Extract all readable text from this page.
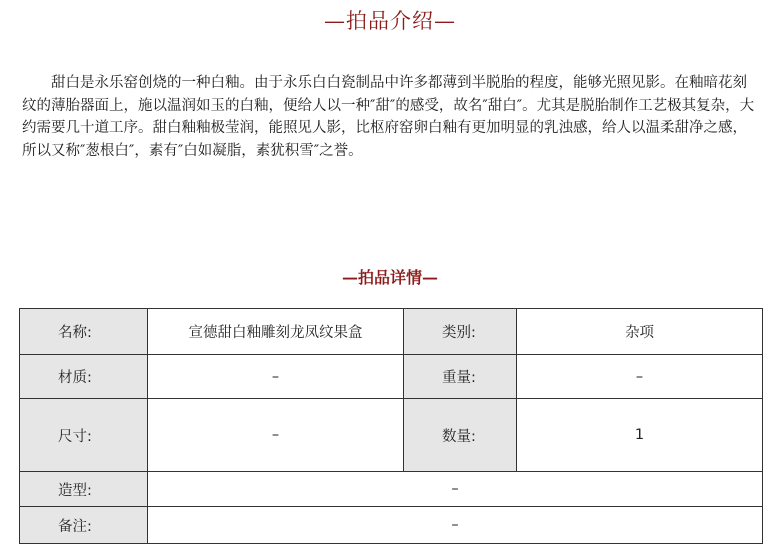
—拍品介绍—

甜白是永乐窑创烧的一种白釉。由于永乐白白瓷制品中许多都薄到半脱胎的程度，能够光照见影。在釉暗花刻纹的薄胎器面上，施以温润如玉的白釉，便给人以一种″甜″的感受，故名″甜白″。尤其是脱胎制作工艺极其复杂，大约需要几十道工序。甜白釉釉极莹润，能照见人影，比枢府窑卵白釉有更加明显的乳浊感，给人以温柔甜净之感，所以又称″葱根白″，素有″白如凝脂，素犹积雪″之誉。

—拍品详情—
名称:	宣德甜白釉雕刻龙凤纹果盒	类别:	杂项
材质:	–	重量:	–
尺寸:	–	数量:	1
造型:	–		
备注:	–		
